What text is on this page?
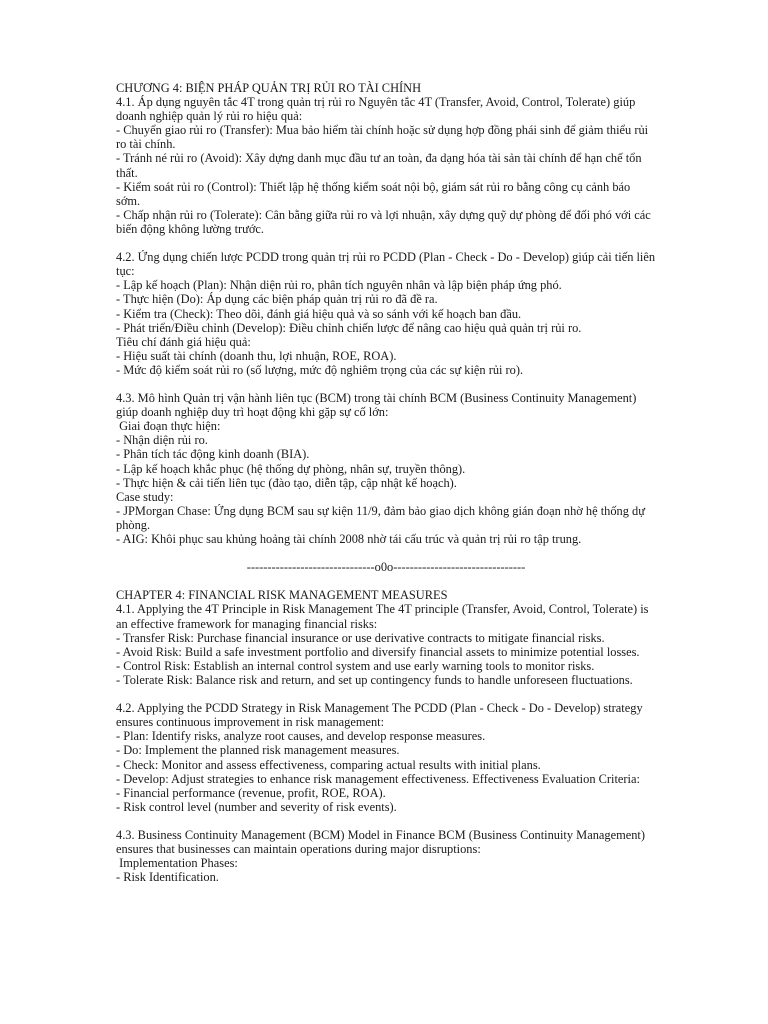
CHƯƠNG 4: BIỆN PHÁP QUẢN TRỊ RỦI RO TÀI CHÍNH
4.1. Áp dụng nguyên tắc 4T trong quản trị rủi ro Nguyên tắc 4T (Transfer, Avoid, Control, Tolerate) giúp doanh nghiệp quản lý rủi ro hiệu quả:
- Chuyển giao rủi ro (Transfer): Mua bảo hiểm tài chính hoặc sử dụng hợp đồng phái sinh để giảm thiểu rủi ro tài chính.
- Tránh né rủi ro (Avoid): Xây dựng danh mục đầu tư an toàn, đa dạng hóa tài sản tài chính để hạn chế tổn thất.
- Kiểm soát rủi ro (Control): Thiết lập hệ thống kiểm soát nội bộ, giám sát rủi ro bằng công cụ cảnh báo sớm.
- Chấp nhận rủi ro (Tolerate): Cân bằng giữa rủi ro và lợi nhuận, xây dựng quỹ dự phòng để đối phó với các biến động không lường trước.
4.2. Ứng dụng chiến lược PCDD trong quản trị rủi ro PCDD (Plan - Check - Do - Develop) giúp cải tiến liên tục:
- Lập kế hoạch (Plan): Nhận diện rủi ro, phân tích nguyên nhân và lập biện pháp ứng phó.
- Thực hiện (Do): Áp dụng các biện pháp quản trị rủi ro đã đề ra.
- Kiểm tra (Check): Theo dõi, đánh giá hiệu quả và so sánh với kế hoạch ban đầu.
- Phát triển/Điều chỉnh (Develop): Điều chỉnh chiến lược để nâng cao hiệu quả quản trị rủi ro.
Tiêu chí đánh giá hiệu quả:
- Hiệu suất tài chính (doanh thu, lợi nhuận, ROE, ROA).
- Mức độ kiểm soát rủi ro (số lượng, mức độ nghiêm trọng của các sự kiện rủi ro).
4.3. Mô hình Quản trị vận hành liên tục (BCM) trong tài chính BCM (Business Continuity Management) giúp doanh nghiệp duy trì hoạt động khi gặp sự cố lớn:
Giai đoạn thực hiện:
- Nhận diện rủi ro.
- Phân tích tác động kinh doanh (BIA).
- Lập kế hoạch khắc phục (hệ thống dự phòng, nhân sự, truyền thông).
- Thực hiện & cải tiến liên tục (đào tạo, diễn tập, cập nhật kế hoạch).
Case study:
- JPMorgan Chase: Ứng dụng BCM sau sự kiện 11/9, đảm bảo giao dịch không gián đoạn nhờ hệ thống dự phòng.
- AIG: Khôi phục sau khủng hoảng tài chính 2008 nhờ tái cấu trúc và quản trị rủi ro tập trung.
-------------------------------o0o--------------------------------
CHAPTER 4: FINANCIAL RISK MANAGEMENT MEASURES
4.1. Applying the 4T Principle in Risk Management The 4T principle (Transfer, Avoid, Control, Tolerate) is an effective framework for managing financial risks:
- Transfer Risk: Purchase financial insurance or use derivative contracts to mitigate financial risks.
- Avoid Risk: Build a safe investment portfolio and diversify financial assets to minimize potential losses.
- Control Risk: Establish an internal control system and use early warning tools to monitor risks.
- Tolerate Risk: Balance risk and return, and set up contingency funds to handle unforeseen fluctuations.
4.2. Applying the PCDD Strategy in Risk Management The PCDD (Plan - Check - Do - Develop) strategy ensures continuous improvement in risk management:
- Plan: Identify risks, analyze root causes, and develop response measures.
- Do: Implement the planned risk management measures.
- Check: Monitor and assess effectiveness, comparing actual results with initial plans.
- Develop: Adjust strategies to enhance risk management effectiveness. Effectiveness Evaluation Criteria:
- Financial performance (revenue, profit, ROE, ROA).
- Risk control level (number and severity of risk events).
4.3. Business Continuity Management (BCM) Model in Finance BCM (Business Continuity Management) ensures that businesses can maintain operations during major disruptions:
Implementation Phases:
- Risk Identification.
